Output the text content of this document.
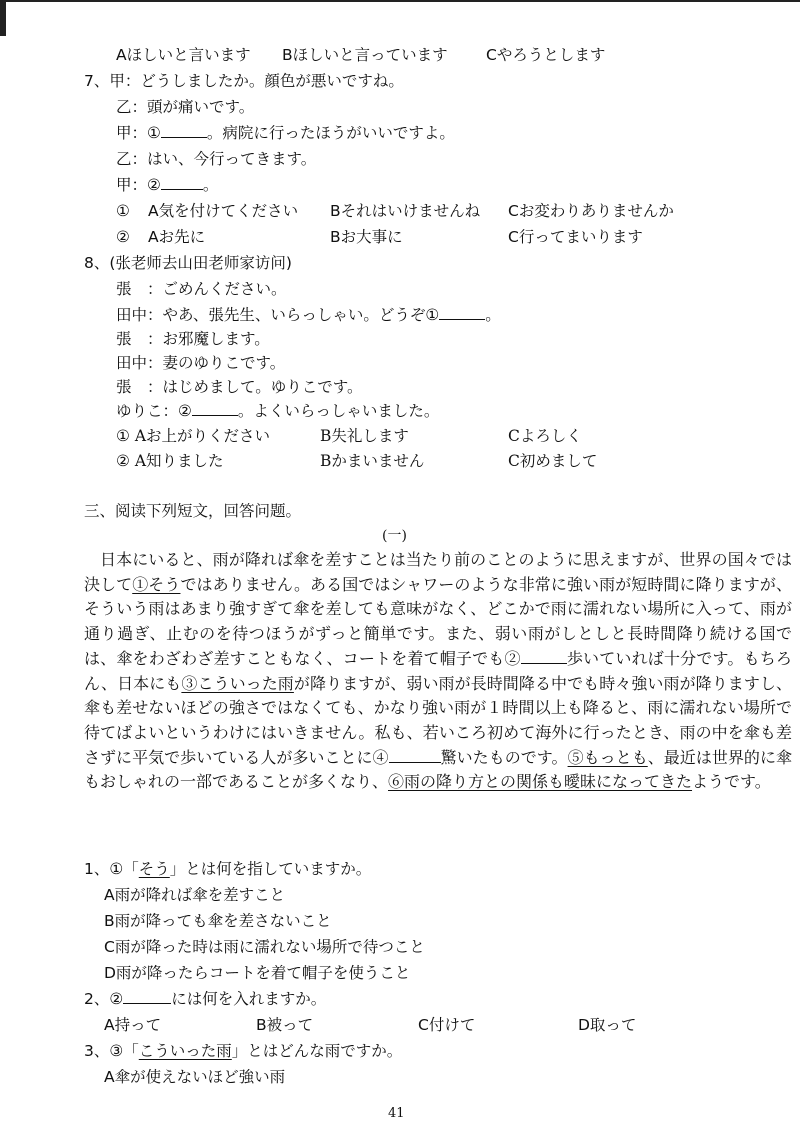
Aほしいと言います Bほしいと言っています Cやろうとします
7、甲：どうしましたか。顔色が悪いですね。
乙：頭が痛いです。
甲：①	。病院に行ったほうがいいですよ。
乙：はい、今行ってきます。
甲：②	。
① A気を付けてください Bそれはいけませんね Cお変わりありませんか
② Aお先に	Bお大事に	C行ってまいります
8、(张老师去山田老师家访问)
張　：ごめんください。
田中：やあ、張先生、いらっしゃい。どうぞ①	。
張　：お邪魔します。
田中：妻のゆりこです。
張　：はじめまして。ゆりこです。
ゆりこ：②	。よくいらっしゃいました。
① Aお上がりください	B失礼します	Cよろしく
② A知りました	Bかまいません	C初めまして
三、阅读下列短文，回答问题。
(一)

日本にいると、雨が降れば傘を差すことは当たり前のことのように思えますが、世界の国々では決して①そうではありません。ある国ではシャワーのような非常に強い雨が短時間に降りますが、そういう雨はあまり強すぎて傘を差しても意味がなく、どこかで雨に濡れない場所に入って、雨が通り過ぎ、止むのを待つほうがずっと簡単です。また、弱い雨がしとしと長時間降り続ける国では、傘をわざわざ差すこともなく、コートを着て帽子でも②	歩いていれば十分です。もちろん、日本にも③こういった雨が降りますが、弱い雨が長時間降る中でも時々強い雨が降りますし、傘も差せないほどの強さではなくても、かなり強い雨が１時間以上も降ると、雨に濡れない場所で待てばよいというわけにはいきません。私も、若いころ初めて海外に行ったとき、雨の中を傘も差さずに平気で歩いている人が多いことに④	驚いたものです。⑤もっとも、最近は世界的に傘もおしゃれの一部であることが多くなり、⑥雨の降り方との関係も曖昧になってきたようです。

1、①「そう」とは何を指していますか。
A雨が降れば傘を差すこと
B雨が降っても傘を差さないこと
C雨が降った時は雨に濡れない場所で待つこと
D雨が降ったらコートを着て帽子を使うこと
2、②	には何を入れますか。
A持って	B被って	C付けて	D取って
3、③「こういった雨」とはどんな雨ですか。
A傘が使えないほど強い雨
41
